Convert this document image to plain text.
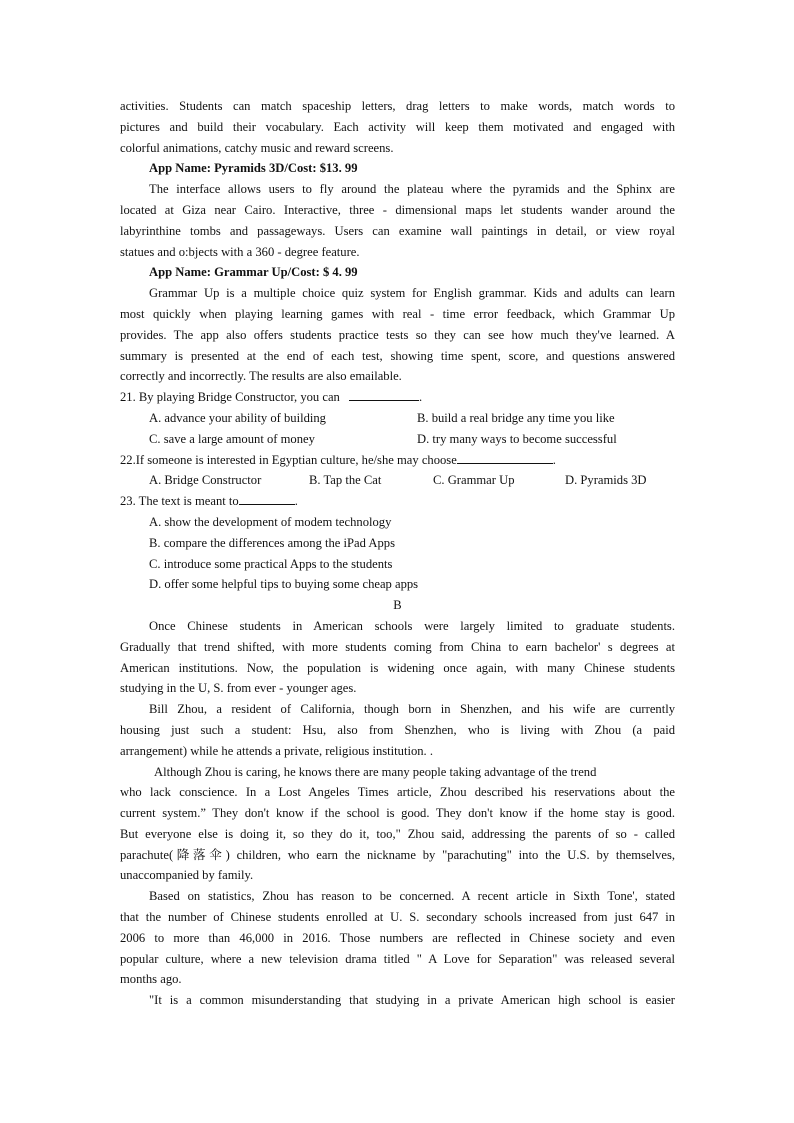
activities. Students can match spaceship letters, drag letters to make words, match words to
pictures and build their vocabulary. Each activity will keep them motivated and engaged with
colorful animations, catchy music and reward screens.
App Name: Pyramids 3D/Cost: $13. 99
The interface allows users to fly around the plateau where the pyramids and the Sphinx are
located at Giza near Cairo. Interactive, three - dimensional maps let students wander around the
labyrinthine tombs and passageways. Users can examine wall paintings in detail, or view royal
statues and o:bjects with a 360 - degree feature.
App Name: Grammar Up/Cost: $ 4. 99
Grammar Up is a multiple choice quiz system for English grammar. Kids and adults can learn
most quickly when playing learning games with real - time error feedback, which Grammar Up
provides. The app also offers students practice tests so they can see how much they've learned. A
summary is presented at the end of each test, showing time spent, score, and questions answered
correctly and incorrectly. The results are also emailable.
21. By playing Bridge Constructor, you can	.
A. advance your ability of building	B. build a real bridge any time you like
C. save a large amount of money	D. try many ways to become successful
22.If someone is interested in Egyptian culture, he/she may choose	.
A. Bridge Constructor	B. Tap the Cat	C. Grammar Up	D. Pyramids 3D
23. The text is meant to	.
A. show the development of modem technology
B. compare the differences among the iPad Apps
C. introduce some practical Apps to the students
D. offer some helpful tips to buying some cheap apps
B
Once Chinese students in American schools were largely limited to graduate students.
Gradually that trend shifted, with more students coming from China to earn bachelor' s degrees at
American institutions. Now, the population is widening once again, with many Chinese students
studying in the U, S. from ever - younger ages.
Bill Zhou, a resident of California, though born in Shenzhen, and his wife are currently
housing just such a student: Hsu, also from Shenzhen, who is living with Zhou (a paid
arrangement) while he attends a private, religious institution. .
Although Zhou is caring, he knows there are many people taking advantage of the trend
who lack conscience. In a Lost Angeles Times article, Zhou described his reservations about the
current system.” They don't know if the school is good. They don't know if the home stay is good.
But everyone else is doing it, so they do it, too," Zhou said, addressing the parents of so - called
parachute(降落伞) children, who earn the nickname by "parachuting" into the U.S. by themselves,
unaccompanied by family.
Based on statistics, Zhou has reason to be concerned. A recent article in Sixth Tone', stated
that the number of Chinese students enrolled at U. S. secondary schools increased from just 647 in
2006 to more than 46,000 in 2016. Those numbers are reflected in Chinese society and even
popular culture, where a new television drama titled " A Love for Separation" was released several
months ago.
"It is a common misunderstanding that studying in a private American high school is easier
